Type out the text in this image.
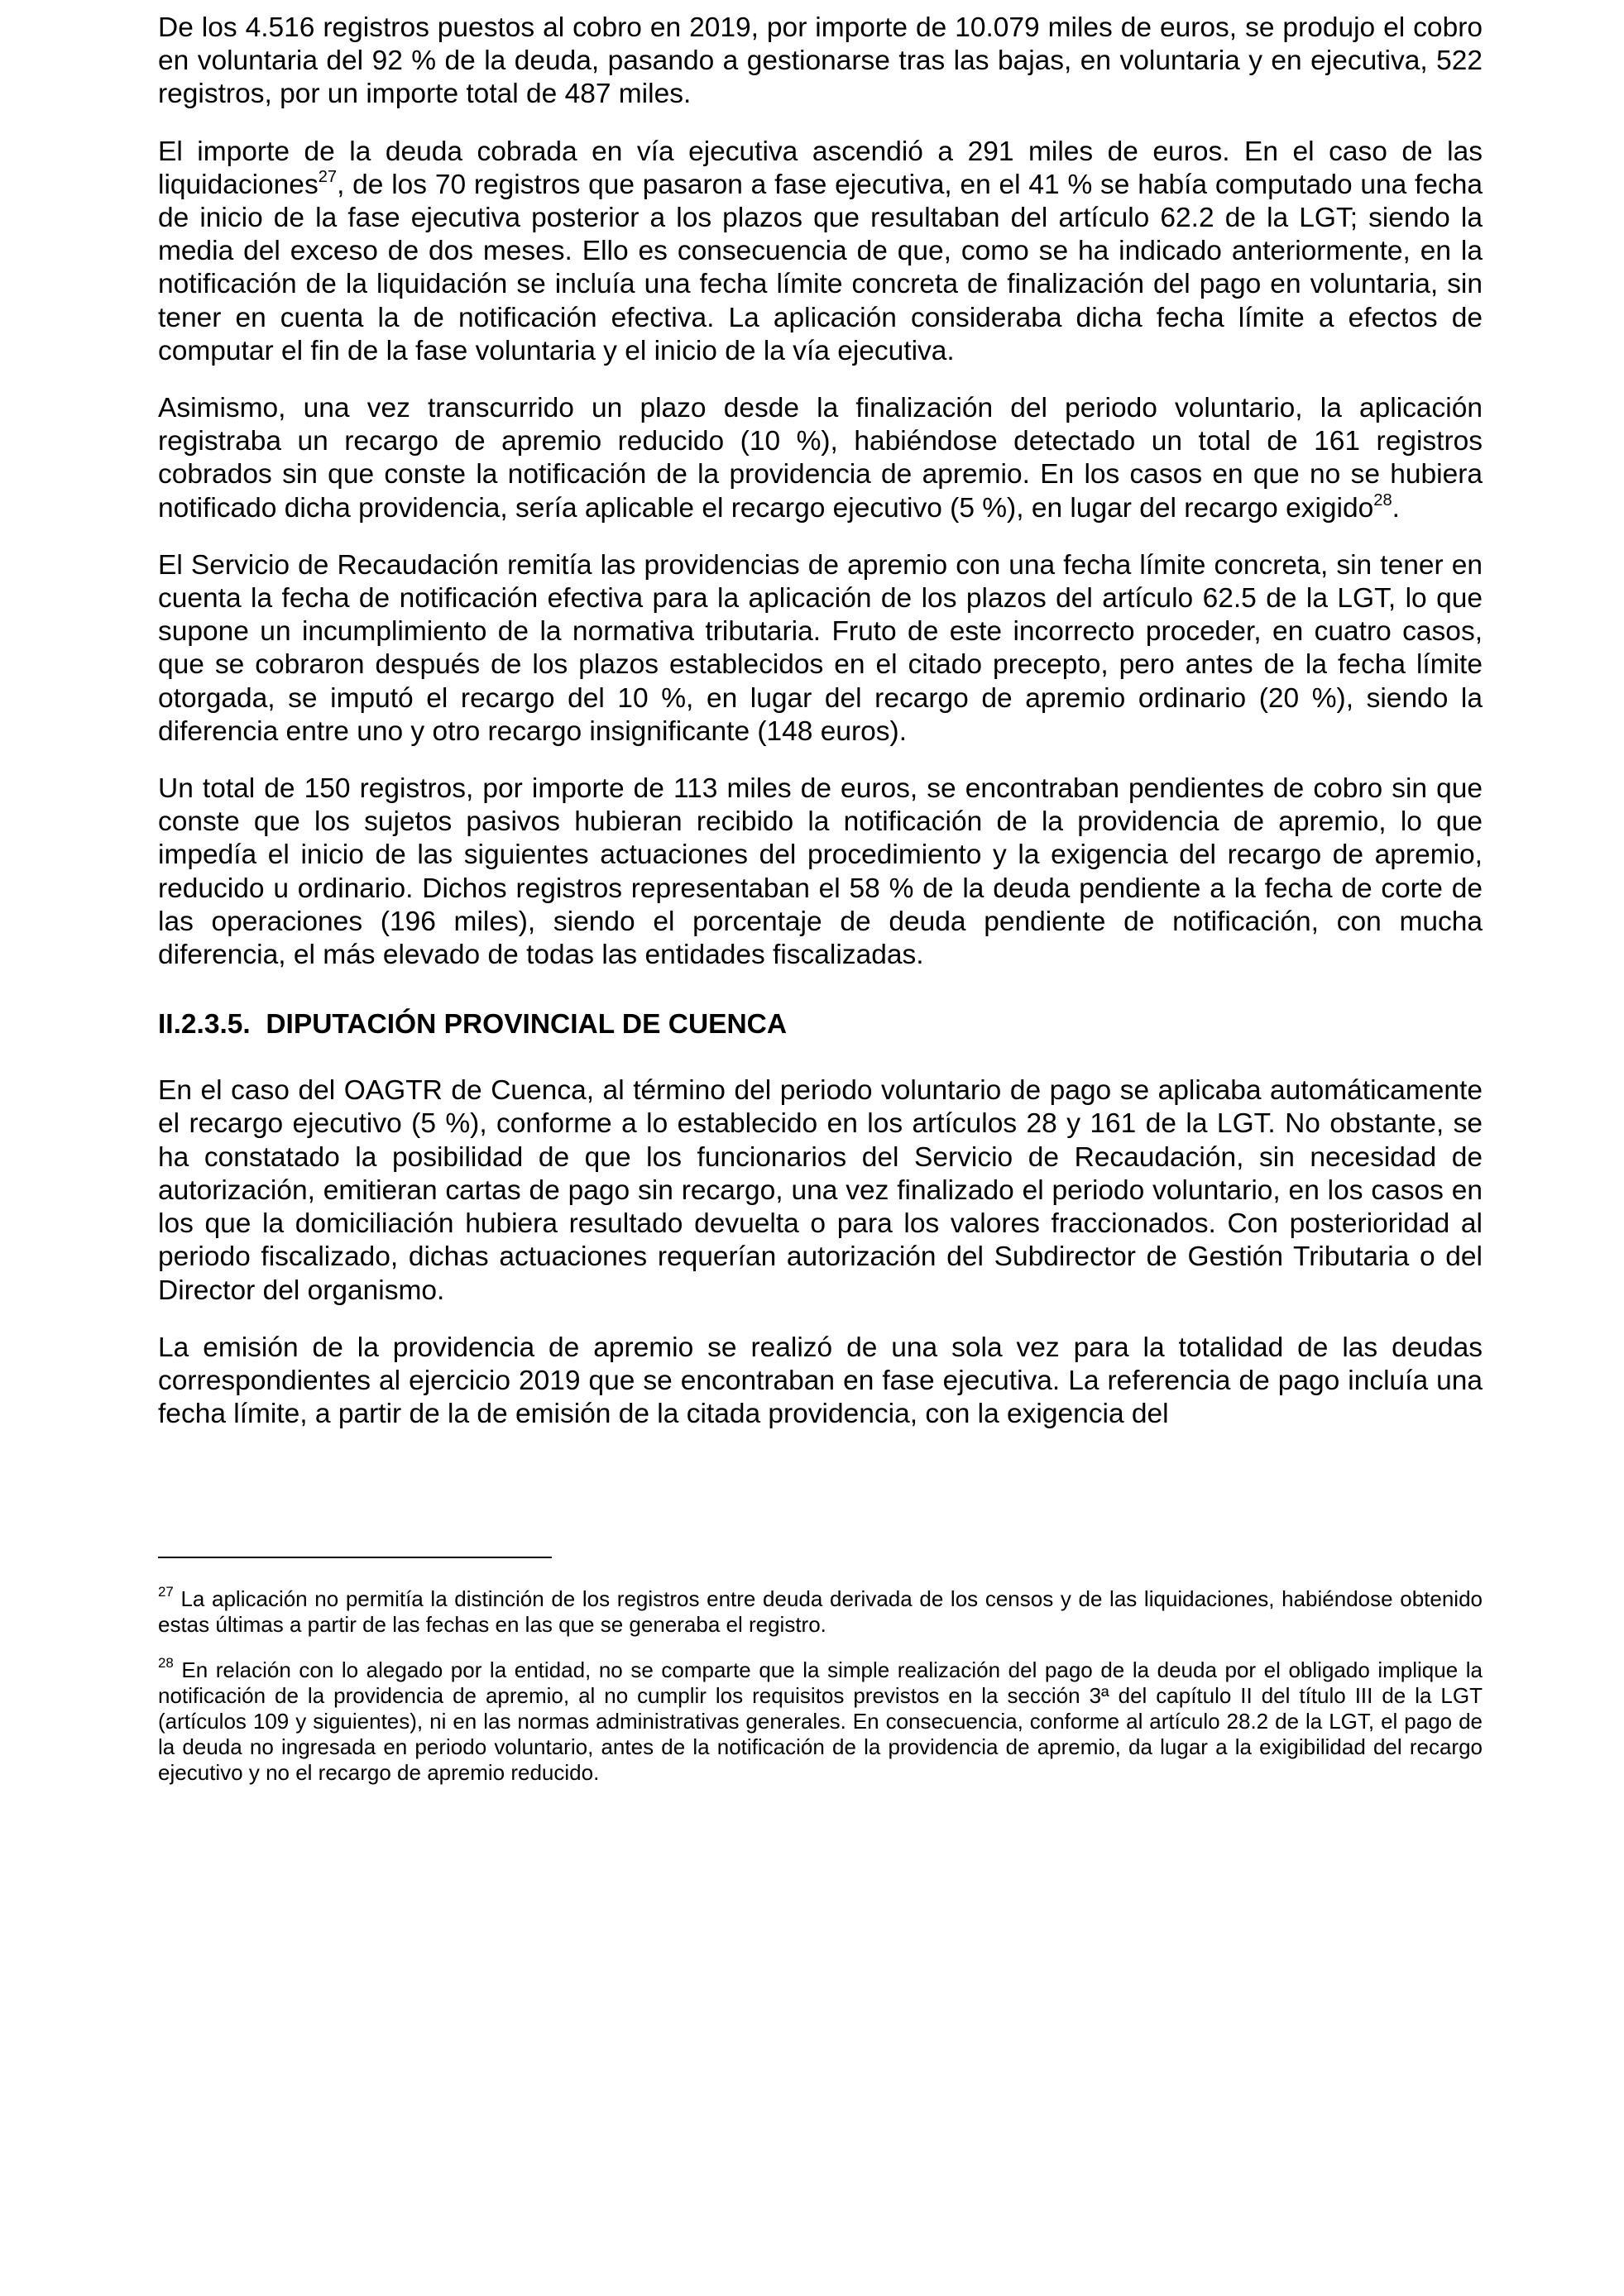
De los 4.516 registros puestos al cobro en 2019, por importe de 10.079 miles de euros, se produjo el cobro en voluntaria del 92 % de la deuda, pasando a gestionarse tras las bajas, en voluntaria y en ejecutiva, 522 registros, por un importe total de 487 miles.

El importe de la deuda cobrada en vía ejecutiva ascendió a 291 miles de euros. En el caso de las liquidaciones$^{27}$, de los 70 registros que pasaron a fase ejecutiva, en el 41 % se había computado una fecha de inicio de la fase ejecutiva posterior a los plazos que resultaban del artículo 62.2 de la LGT; siendo la media del exceso de dos meses. Ello es consecuencia de que, como se ha indicado anteriormente, en la notificación de la liquidación se incluía una fecha límite concreta de finalización del pago en voluntaria, sin tener en cuenta la de notificación efectiva. La aplicación consideraba dicha fecha límite a efectos de computar el fin de la fase voluntaria y el inicio de la vía ejecutiva.

Asimismo, una vez transcurrido un plazo desde la finalización del periodo voluntario, la aplicación registraba un recargo de apremio reducido (10 %), habiéndose detectado un total de 161 registros cobrados sin que conste la notificación de la providencia de apremio. En los casos en que no se hubiera notificado dicha providencia, sería aplicable el recargo ejecutivo (5 %), en lugar del recargo exigido$^{28}$.

El Servicio de Recaudación remitía las providencias de apremio con una fecha límite concreta, sin tener en cuenta la fecha de notificación efectiva para la aplicación de los plazos del artículo 62.5 de la LGT, lo que supone un incumplimiento de la normativa tributaria. Fruto de este incorrecto proceder, en cuatro casos, que se cobraron después de los plazos establecidos en el citado precepto, pero antes de la fecha límite otorgada, se imputó el recargo del 10 %, en lugar del recargo de apremio ordinario (20 %), siendo la diferencia entre uno y otro recargo insignificante (148 euros).

Un total de 150 registros, por importe de 113 miles de euros, se encontraban pendientes de cobro sin que conste que los sujetos pasivos hubieran recibido la notificación de la providencia de apremio, lo que impedía el inicio de las siguientes actuaciones del procedimiento y la exigencia del recargo de apremio, reducido u ordinario. Dichos registros representaban el 58 % de la deuda pendiente a la fecha de corte de las operaciones (196 miles), siendo el porcentaje de deuda pendiente de notificación, con mucha diferencia, el más elevado de todas las entidades fiscalizadas.

II.2.3.5.  DIPUTACIÓN PROVINCIAL DE CUENCA

En el caso del OAGTR de Cuenca, al término del periodo voluntario de pago se aplicaba automáticamente el recargo ejecutivo (5 %), conforme a lo establecido en los artículos 28 y 161 de la LGT. No obstante, se ha constatado la posibilidad de que los funcionarios del Servicio de Recaudación, sin necesidad de autorización, emitieran cartas de pago sin recargo, una vez finalizado el periodo voluntario, en los casos en los que la domiciliación hubiera resultado devuelta o para los valores fraccionados. Con posterioridad al periodo fiscalizado, dichas actuaciones requerían autorización del Subdirector de Gestión Tributaria o del Director del organismo.

La emisión de la providencia de apremio se realizó de una sola vez para la totalidad de las deudas correspondientes al ejercicio 2019 que se encontraban en fase ejecutiva. La referencia de pago incluía una fecha límite, a partir de la de emisión de la citada providencia, con la exigencia del

$^{27}$ La aplicación no permitía la distinción de los registros entre deuda derivada de los censos y de las liquidaciones, habiéndose obtenido estas últimas a partir de las fechas en las que se generaba el registro.

$^{28}$ En relación con lo alegado por la entidad, no se comparte que la simple realización del pago de la deuda por el obligado implique la notificación de la providencia de apremio, al no cumplir los requisitos previstos en la sección 3ª del capítulo II del título III de la LGT (artículos 109 y siguientes), ni en las normas administrativas generales. En consecuencia, conforme al artículo 28.2 de la LGT, el pago de la deuda no ingresada en periodo voluntario, antes de la notificación de la providencia de apremio, da lugar a la exigibilidad del recargo ejecutivo y no el recargo de apremio reducido.
